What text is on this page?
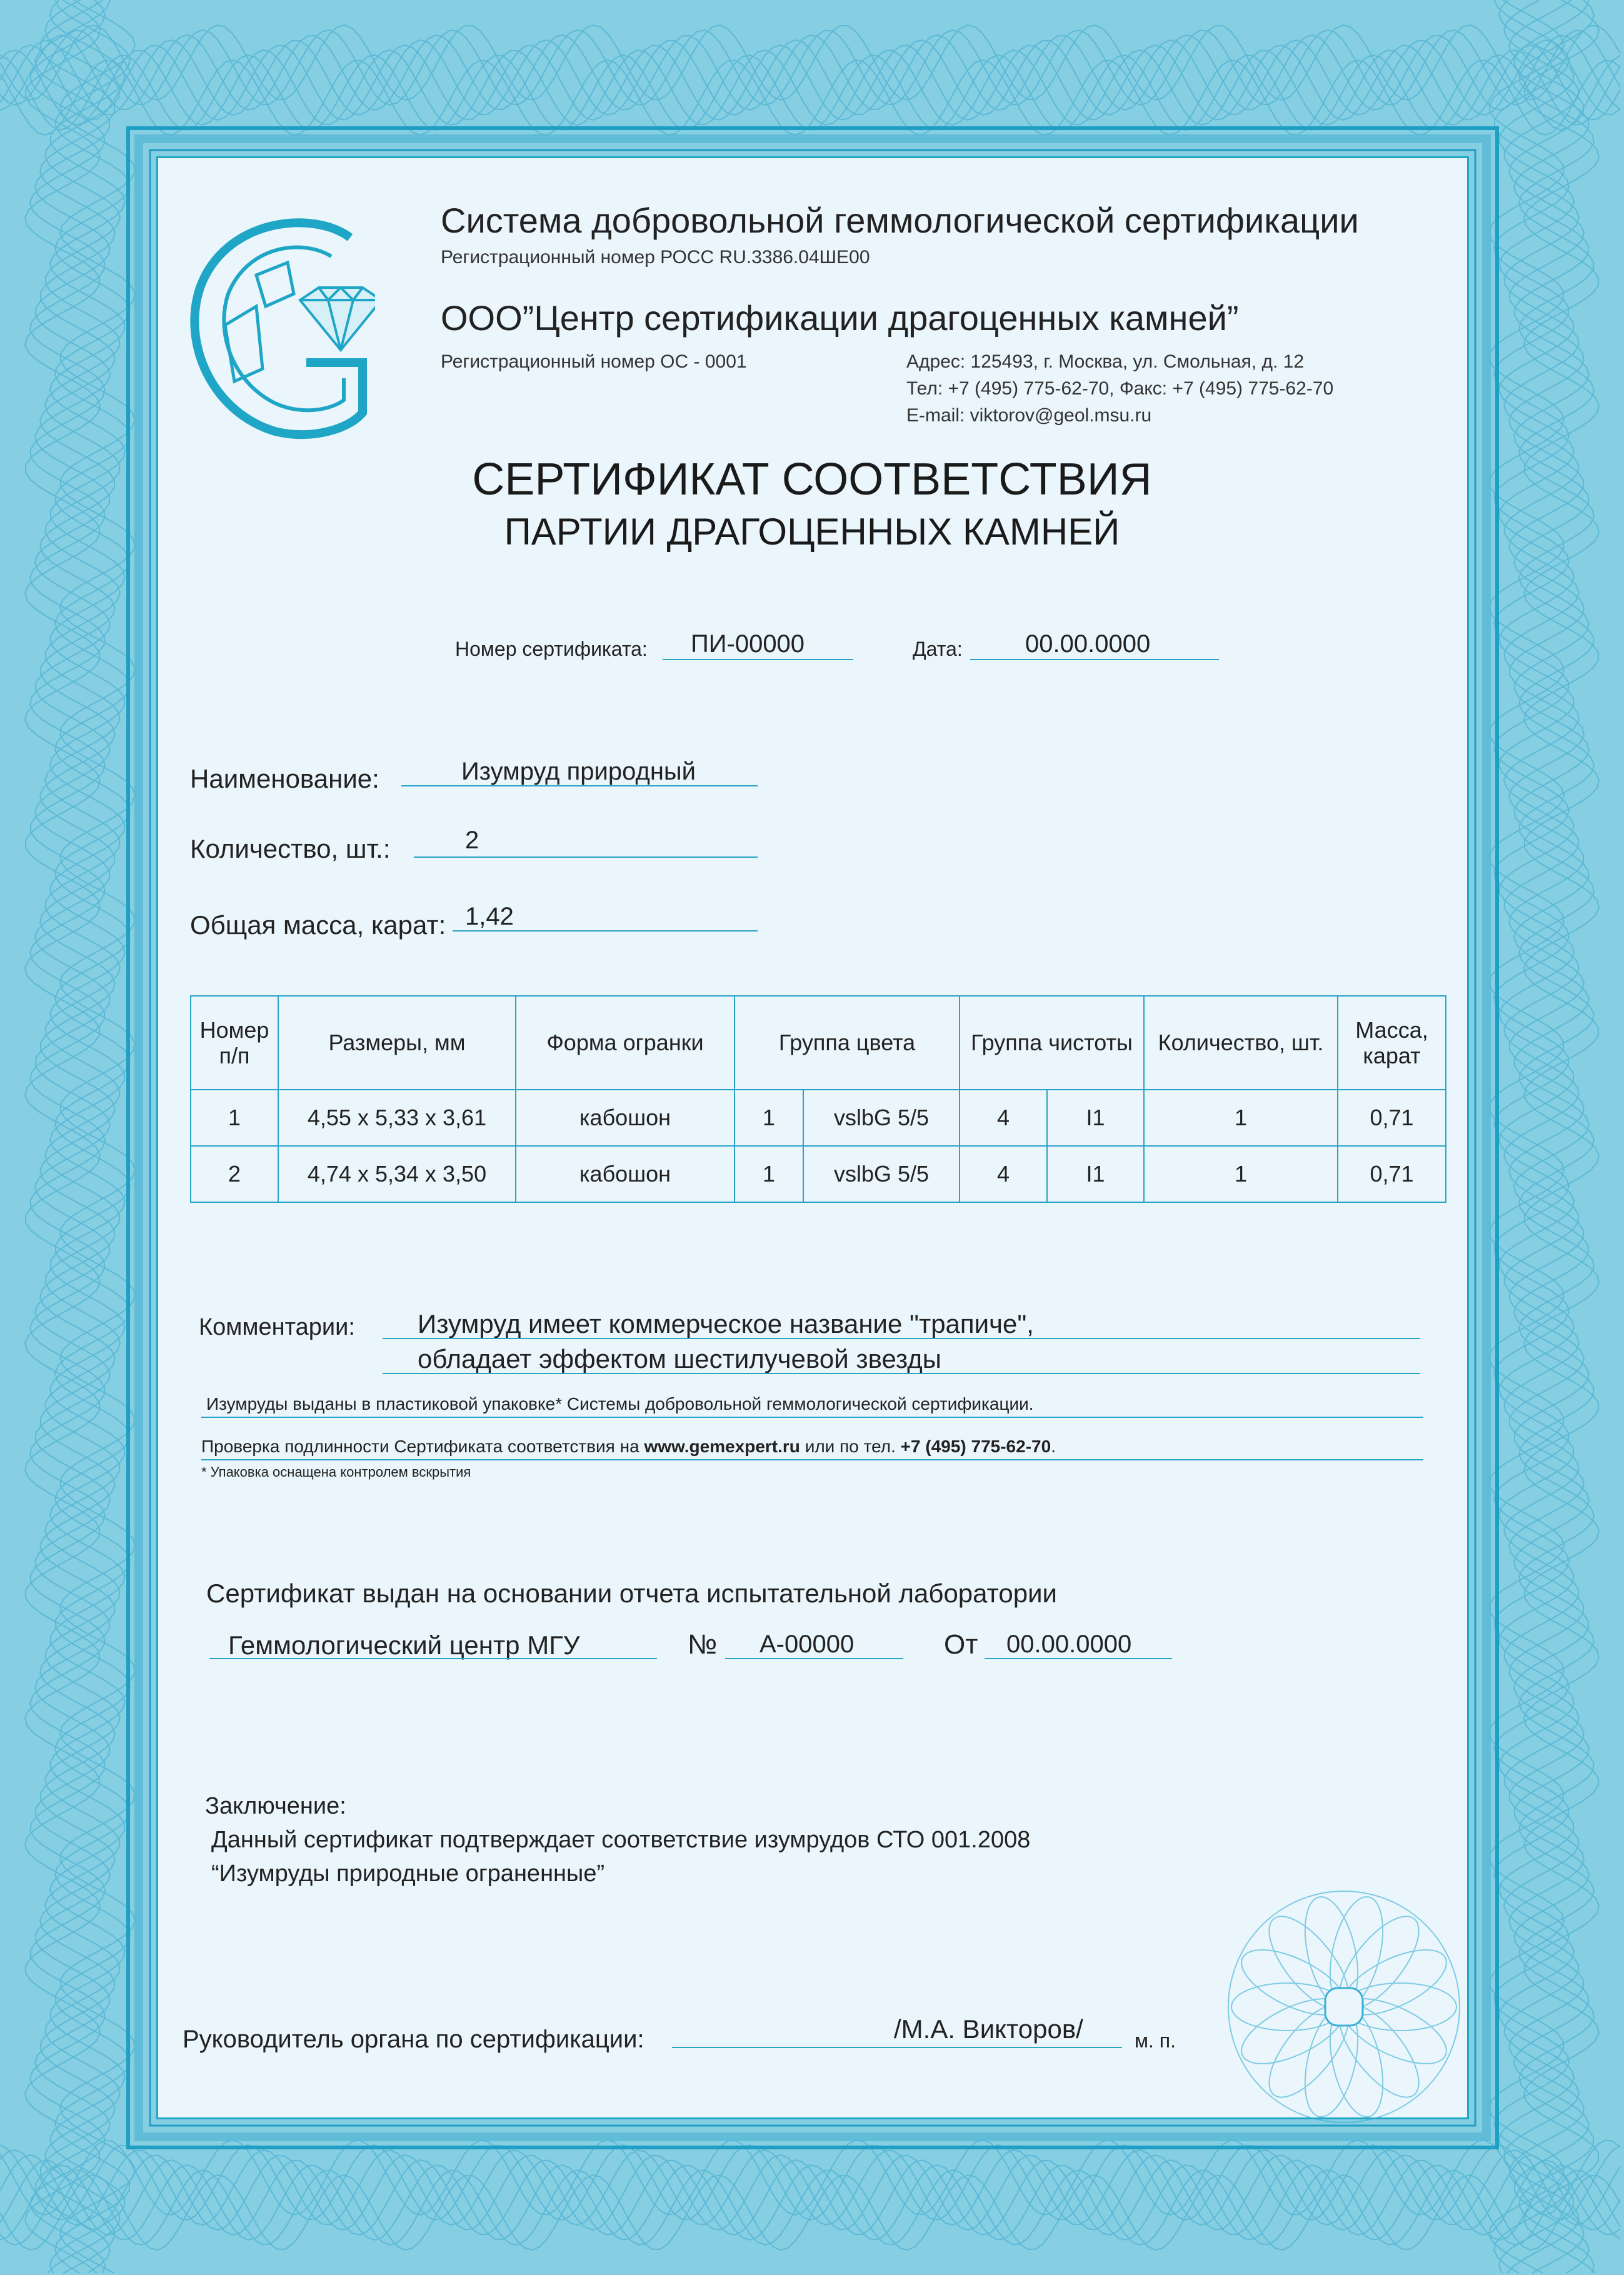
Система добровольной геммологической сертификации
Регистрационный номер РОСС RU.3386.04ШЕ00
ООО”Центр сертификации драгоценных камней”
Регистрационный номер ОС - 0001	Адрес: 125493, г. Москва, ул. Смольная, д. 12
Тел: +7 (495) 775-62-70, Факс: +7 (495) 775-62-70
E-mail: viktorov@geol.msu.ru
СЕРТИФИКАТ СООТВЕТСТВИЯ
ПАРТИИ ДРАГОЦЕННЫХ КАМНЕЙ
Номер сертификата: ПИ-00000	Дата:	00.00.0000
Наименование:	Изумруд природный
Количество, шт.:	2
Общая масса, карат: 1,42
Номер п/п	Размеры, мм	Форма огранки	Группа цвета		Группа чистоты		Количество, шт.	Масса, карат
1	4,55 x 5,33 x 3,61	кабошон	1	vslbG 5/5	4	I1	1	0,71
2	4,74 x 5,34 x 3,50	кабошон	1	vslbG 5/5	4	I1	1	0,71
Комментарии: Изумруд имеет коммерческое название "трапиче",
обладает эффектом шестилучевой звезды
Изумруды выданы в пластиковой упаковке* Системы добровольной геммологической сертификации.
Проверка подлинности Сертификата соответствия на www.gemexpert.ru или по тел. +7 (495) 775-62-70.
* Упаковка оснащена контролем вскрытия
Сертификат выдан на основании отчета испытательной лаборатории
Геммологический центр МГУ	№ А-00000	От 00.00.0000
Заключение:
Данный сертификат подтверждает соответствие изумрудов СТО 001.2008
“Изумруды природные ограненные”
Руководитель органа по сертификации:	/М.А. Викторов/	м. п.
